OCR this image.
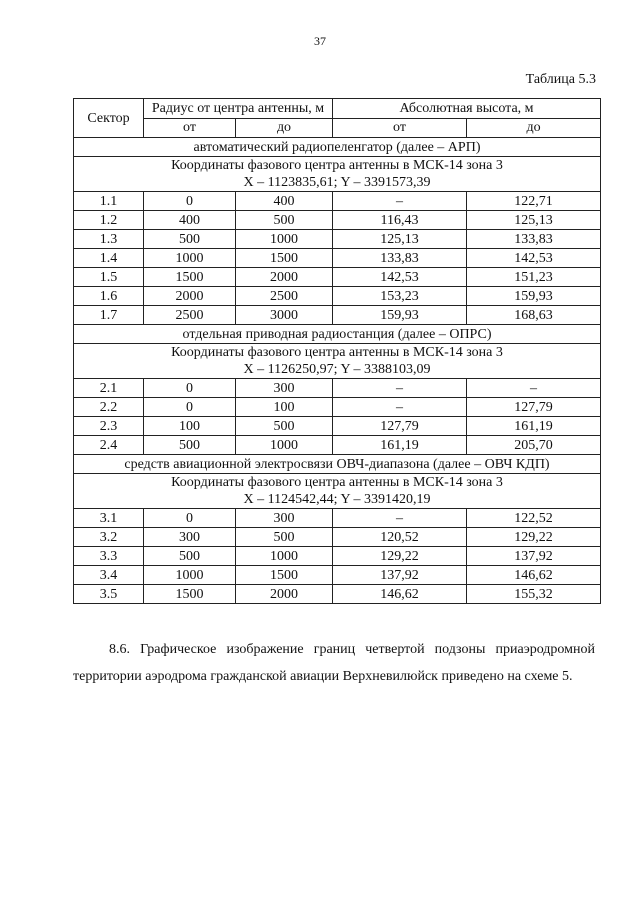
37
Таблица 5.3
Сектор	Радиус от центра антенны, м		Абсолютная высота, м	
	от	до	от	до
автоматический радиопеленгатор (далее – АРП)				

Координаты фазового центра антенны в МСК-14 зона 3
X – 1123835,61; Y – 3391573,39				

1.1	0	400	–	122,71
1.2	400	500	116,43	125,13
1.3	500	1000	125,13	133,83
1.4	1000	1500	133,83	142,53
1.5	1500	2000	142,53	151,23
1.6	2000	2500	153,23	159,93
1.7	2500	3000	159,93	168,63
отдельная приводная радиостанция (далее – ОПРС)				

Координаты фазового центра антенны в МСК-14 зона 3
X – 1126250,97; Y – 3388103,09				

2.1	0	300	–	–
2.2	0	100	–	127,79
2.3	100	500	127,79	161,19
2.4	500	1000	161,19	205,70
средств авиационной электросвязи ОВЧ-диапазона (далее – ОВЧ КДП)				

Координаты фазового центра антенны в МСК-14 зона 3
X – 1124542,44; Y – 3391420,19				

3.1	0	300	–	122,52
3.2	300	500	120,52	129,22
3.3	500	1000	129,22	137,92
3.4	1000	1500	137,92	146,62
3.5	1500	2000	146,62	155,32
8.6. Графическое изображение границ четвертой подзоны приаэродромной территории аэродрома гражданской авиации Верхневилюйск приведено на схеме 5.
